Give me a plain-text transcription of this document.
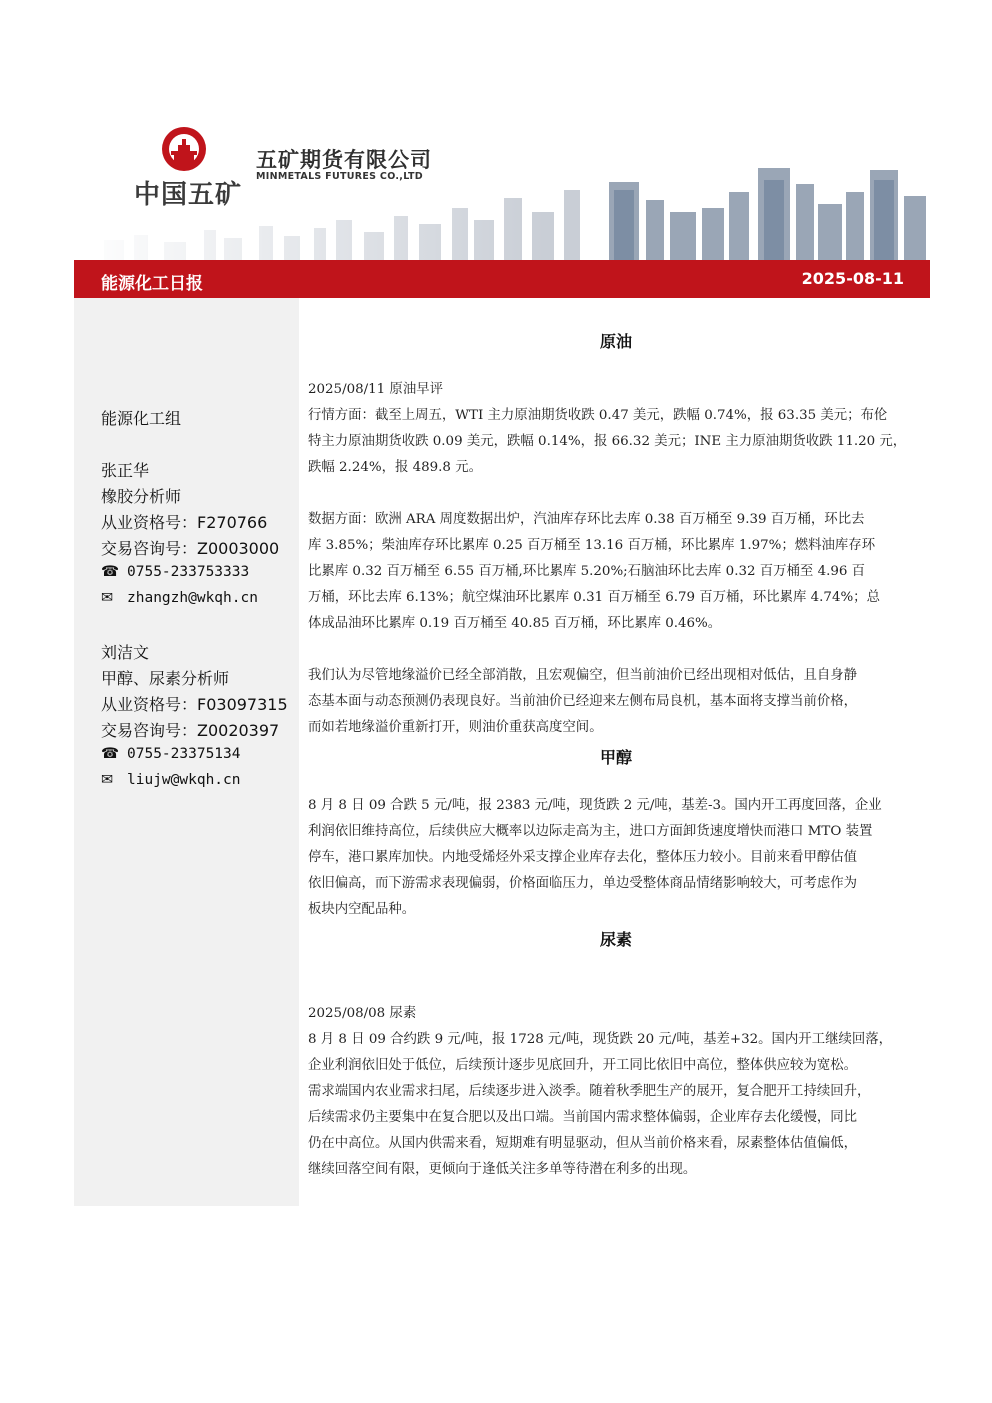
中国五矿
五矿期货有限公司
MINMETALS FUTURES CO.,LTD
能源化工日报	2025-08-11
能源化工组
张正华
橡胶分析师
从业资格号：F270766
交易咨询号：Z0003000
☎ 0755-233753333
✉ zhangzh@wkqh.cn
刘洁文
甲醇、尿素分析师
从业资格号：F03097315
交易咨询号：Z0020397
☎ 0755-23375134
✉ liujw@wkqh.cn
原油
2025/08/11 原油早评
行情方面：截至上周五，WTI 主力原油期货收跌 0.47 美元，跌幅 0.74%，报 63.35 美元；布伦
特主力原油期货收跌 0.09 美元，跌幅 0.14%，报 66.32 美元；INE 主力原油期货收跌 11.20 元，
跌幅 2.24%，报 489.8 元。
数据方面：欧洲 ARA 周度数据出炉，汽油库存环比去库 0.38 百万桶至 9.39 百万桶，环比去
库 3.85%；柴油库存环比累库 0.25 百万桶至 13.16 百万桶，环比累库 1.97%；燃料油库存环
比累库 0.32 百万桶至 6.55 百万桶,环比累库 5.20%;石脑油环比去库 0.32 百万桶至 4.96 百
万桶，环比去库 6.13%；航空煤油环比累库 0.31 百万桶至 6.79 百万桶，环比累库 4.74%；总
体成品油环比累库 0.19 百万桶至 40.85 百万桶，环比累库 0.46%。
我们认为尽管地缘溢价已经全部消散，且宏观偏空，但当前油价已经出现相对低估，且自身静
态基本面与动态预测仍表现良好。当前油价已经迎来左侧布局良机，基本面将支撑当前价格，
而如若地缘溢价重新打开，则油价重获高度空间。
甲醇
8 月 8 日 09 合跌 5 元/吨，报 2383 元/吨，现货跌 2 元/吨，基差-3。国内开工再度回落，企业
利润依旧维持高位，后续供应大概率以边际走高为主，进口方面卸货速度增快而港口 MTO 装置
停车，港口累库加快。内地受烯烃外采支撑企业库存去化，整体压力较小。目前来看甲醇估值
依旧偏高，而下游需求表现偏弱，价格面临压力，单边受整体商品情绪影响较大，可考虑作为
板块内空配品种。
尿素
2025/08/08 尿素
8 月 8 日 09 合约跌 9 元/吨，报 1728 元/吨，现货跌 20 元/吨，基差+32。国内开工继续回落，
企业利润依旧处于低位，后续预计逐步见底回升，开工同比依旧中高位，整体供应较为宽松。
需求端国内农业需求扫尾，后续逐步进入淡季。随着秋季肥生产的展开，复合肥开工持续回升，
后续需求仍主要集中在复合肥以及出口端。当前国内需求整体偏弱，企业库存去化缓慢，同比
仍在中高位。从国内供需来看，短期难有明显驱动，但从当前价格来看，尿素整体估值偏低，
继续回落空间有限，更倾向于逢低关注多单等待潜在利多的出现。
